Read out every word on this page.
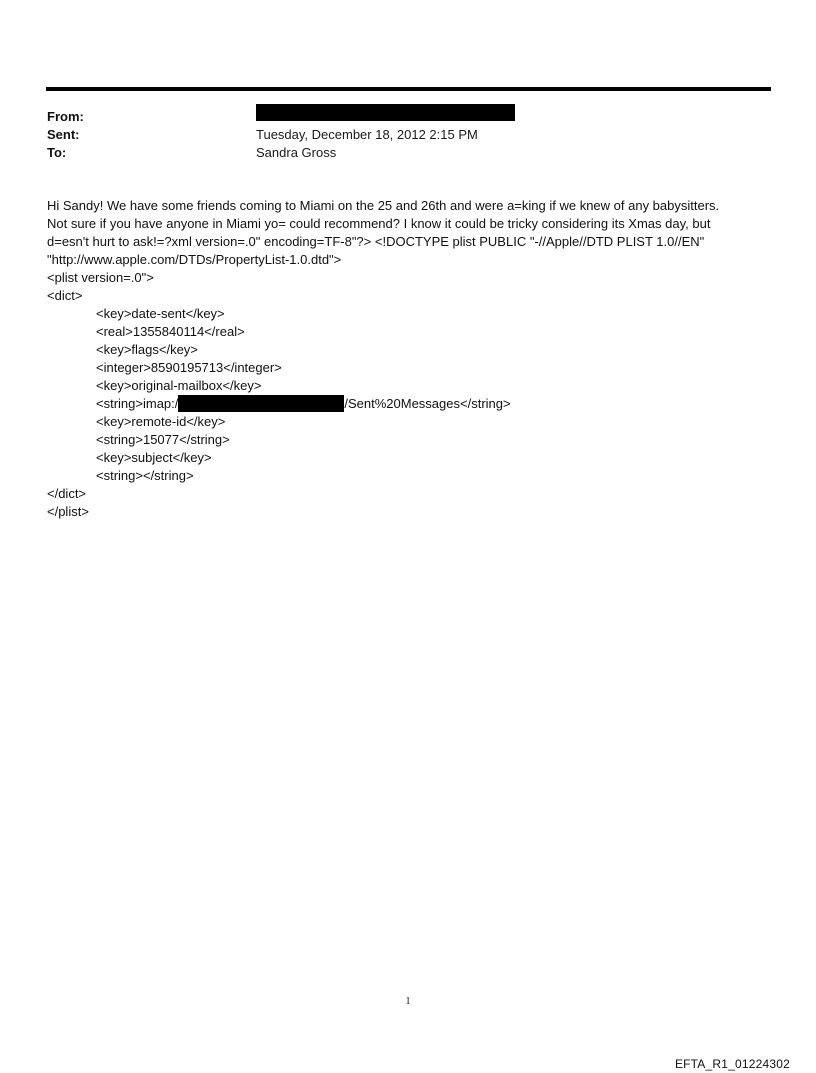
From:
Sent:	Tuesday, December 18, 2012 2:15 PM
To:	Sandra Gross
Hi Sandy! We have some friends coming to Miami on the 25 and 26th and were a=king if we knew of any babysitters.
Not sure if you have anyone in Miami yo= could recommend? I know it could be tricky considering its Xmas day, but
d=esn't hurt to ask!=?xml version=.0" encoding=TF-8"?> <!DOCTYPE plist PUBLIC "-//Apple//DTD PLIST 1.0//EN"
"http://www.apple.com/DTDs/PropertyList-1.0.dtd">
<plist version=.0">
<dict>
<key>date-sent</key>
<real>1355840114</real>
<key>flags</key>
<integer>8590195713</integer>
<key>original-mailbox</key>
<string>imap:/	/Sent%20Messages</string>
<key>remote-id</key>
<string>15077</string>
<key>subject</key>
<string></string>
</dict>
</plist>
1
EFTA_R1_01224302
